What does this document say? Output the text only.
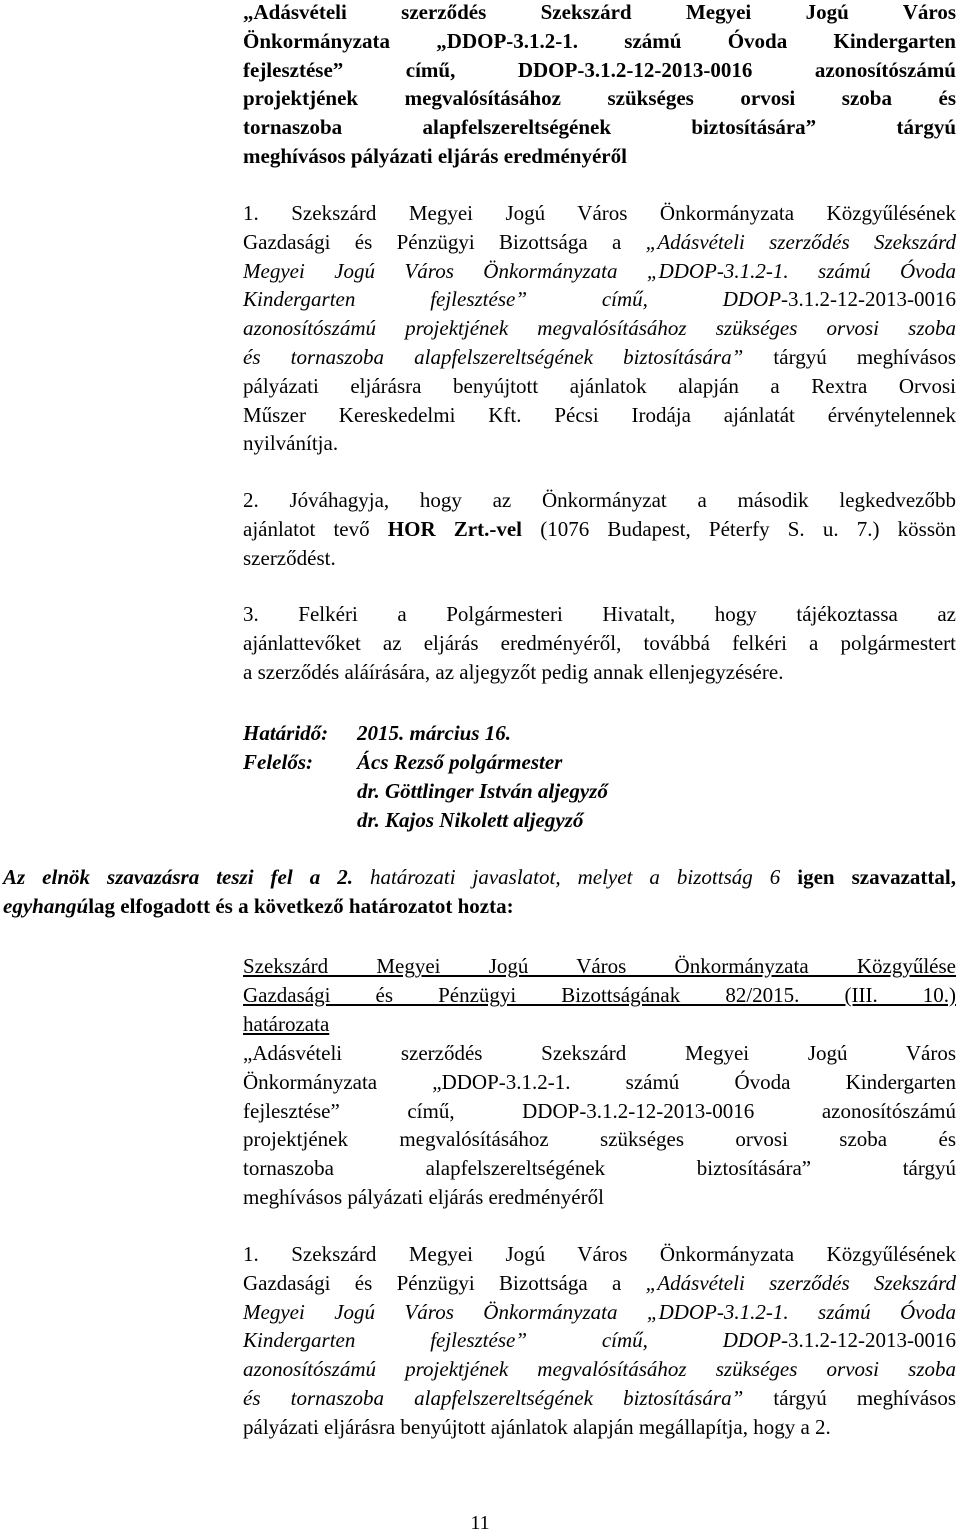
„Adásvételi szerződés Szekszárd Megyei Jogú Város
Önkormányzata „DDOP-3.1.2-1. számú Óvoda Kindergarten
fejlesztése” című, DDOP-3.1.2-12-2013-0016 azonosítószámú
projektjének megvalósításához szükséges orvosi szoba és
tornaszoba alapfelszereltségének biztosítására” tárgyú
meghívásos pályázati eljárás eredményéről
1. Szekszárd Megyei Jogú Város Önkormányzata Közgyűlésének
Gazdasági és Pénzügyi Bizottsága a „Adásvételi szerződés Szekszárd
Megyei Jogú Város Önkormányzata „DDOP-3.1.2-1. számú Óvoda
Kindergarten fejlesztése” című, DDOP-3.1.2-12-2013-0016
azonosítószámú projektjének megvalósításához szükséges orvosi szoba
és tornaszoba alapfelszereltségének biztosítására” tárgyú meghívásos
pályázati eljárásra benyújtott ajánlatok alapján a Rextra Orvosi
Műszer Kereskedelmi Kft. Pécsi Irodája ajánlatát érvénytelennek
nyilvánítja.
2. Jóváhagyja, hogy az Önkormányzat a második legkedvezőbb
ajánlatot tevő HOR Zrt.-vel (1076 Budapest, Péterfy S. u. 7.) kössön
szerződést.
3. Felkéri a Polgármesteri Hivatalt, hogy tájékoztassa az
ajánlattevőket az eljárás eredményéről, továbbá felkéri a polgármestert
a szerződés aláírására, az aljegyzőt pedig annak ellenjegyzésére.
Határidő: 2015. március 16.
Felelős: Ács Rezső polgármester
dr. Göttlinger István aljegyző
dr. Kajos Nikolett aljegyző
Az elnök szavazásra teszi fel a 2. határozati javaslatot, melyet a bizottság 6 igen szavazattal,
egyhangúlag elfogadott és a következő határozatot hozta:
Szekszárd Megyei Jogú Város Önkormányzata Közgyűlése
Gazdasági és Pénzügyi Bizottságának 82/2015. (III. 10.)
határozata
„Adásvételi szerződés Szekszárd Megyei Jogú Város
Önkormányzata „DDOP-3.1.2-1. számú Óvoda Kindergarten
fejlesztése” című, DDOP-3.1.2-12-2013-0016 azonosítószámú
projektjének megvalósításához szükséges orvosi szoba és
tornaszoba alapfelszereltségének biztosítására” tárgyú
meghívásos pályázati eljárás eredményéről
1. Szekszárd Megyei Jogú Város Önkormányzata Közgyűlésének
Gazdasági és Pénzügyi Bizottsága a „Adásvételi szerződés Szekszárd
Megyei Jogú Város Önkormányzata „DDOP-3.1.2-1. számú Óvoda
Kindergarten fejlesztése” című, DDOP-3.1.2-12-2013-0016
azonosítószámú projektjének megvalósításához szükséges orvosi szoba
és tornaszoba alapfelszereltségének biztosítására” tárgyú meghívásos
pályázati eljárásra benyújtott ajánlatok alapján megállapítja, hogy a 2.
11
